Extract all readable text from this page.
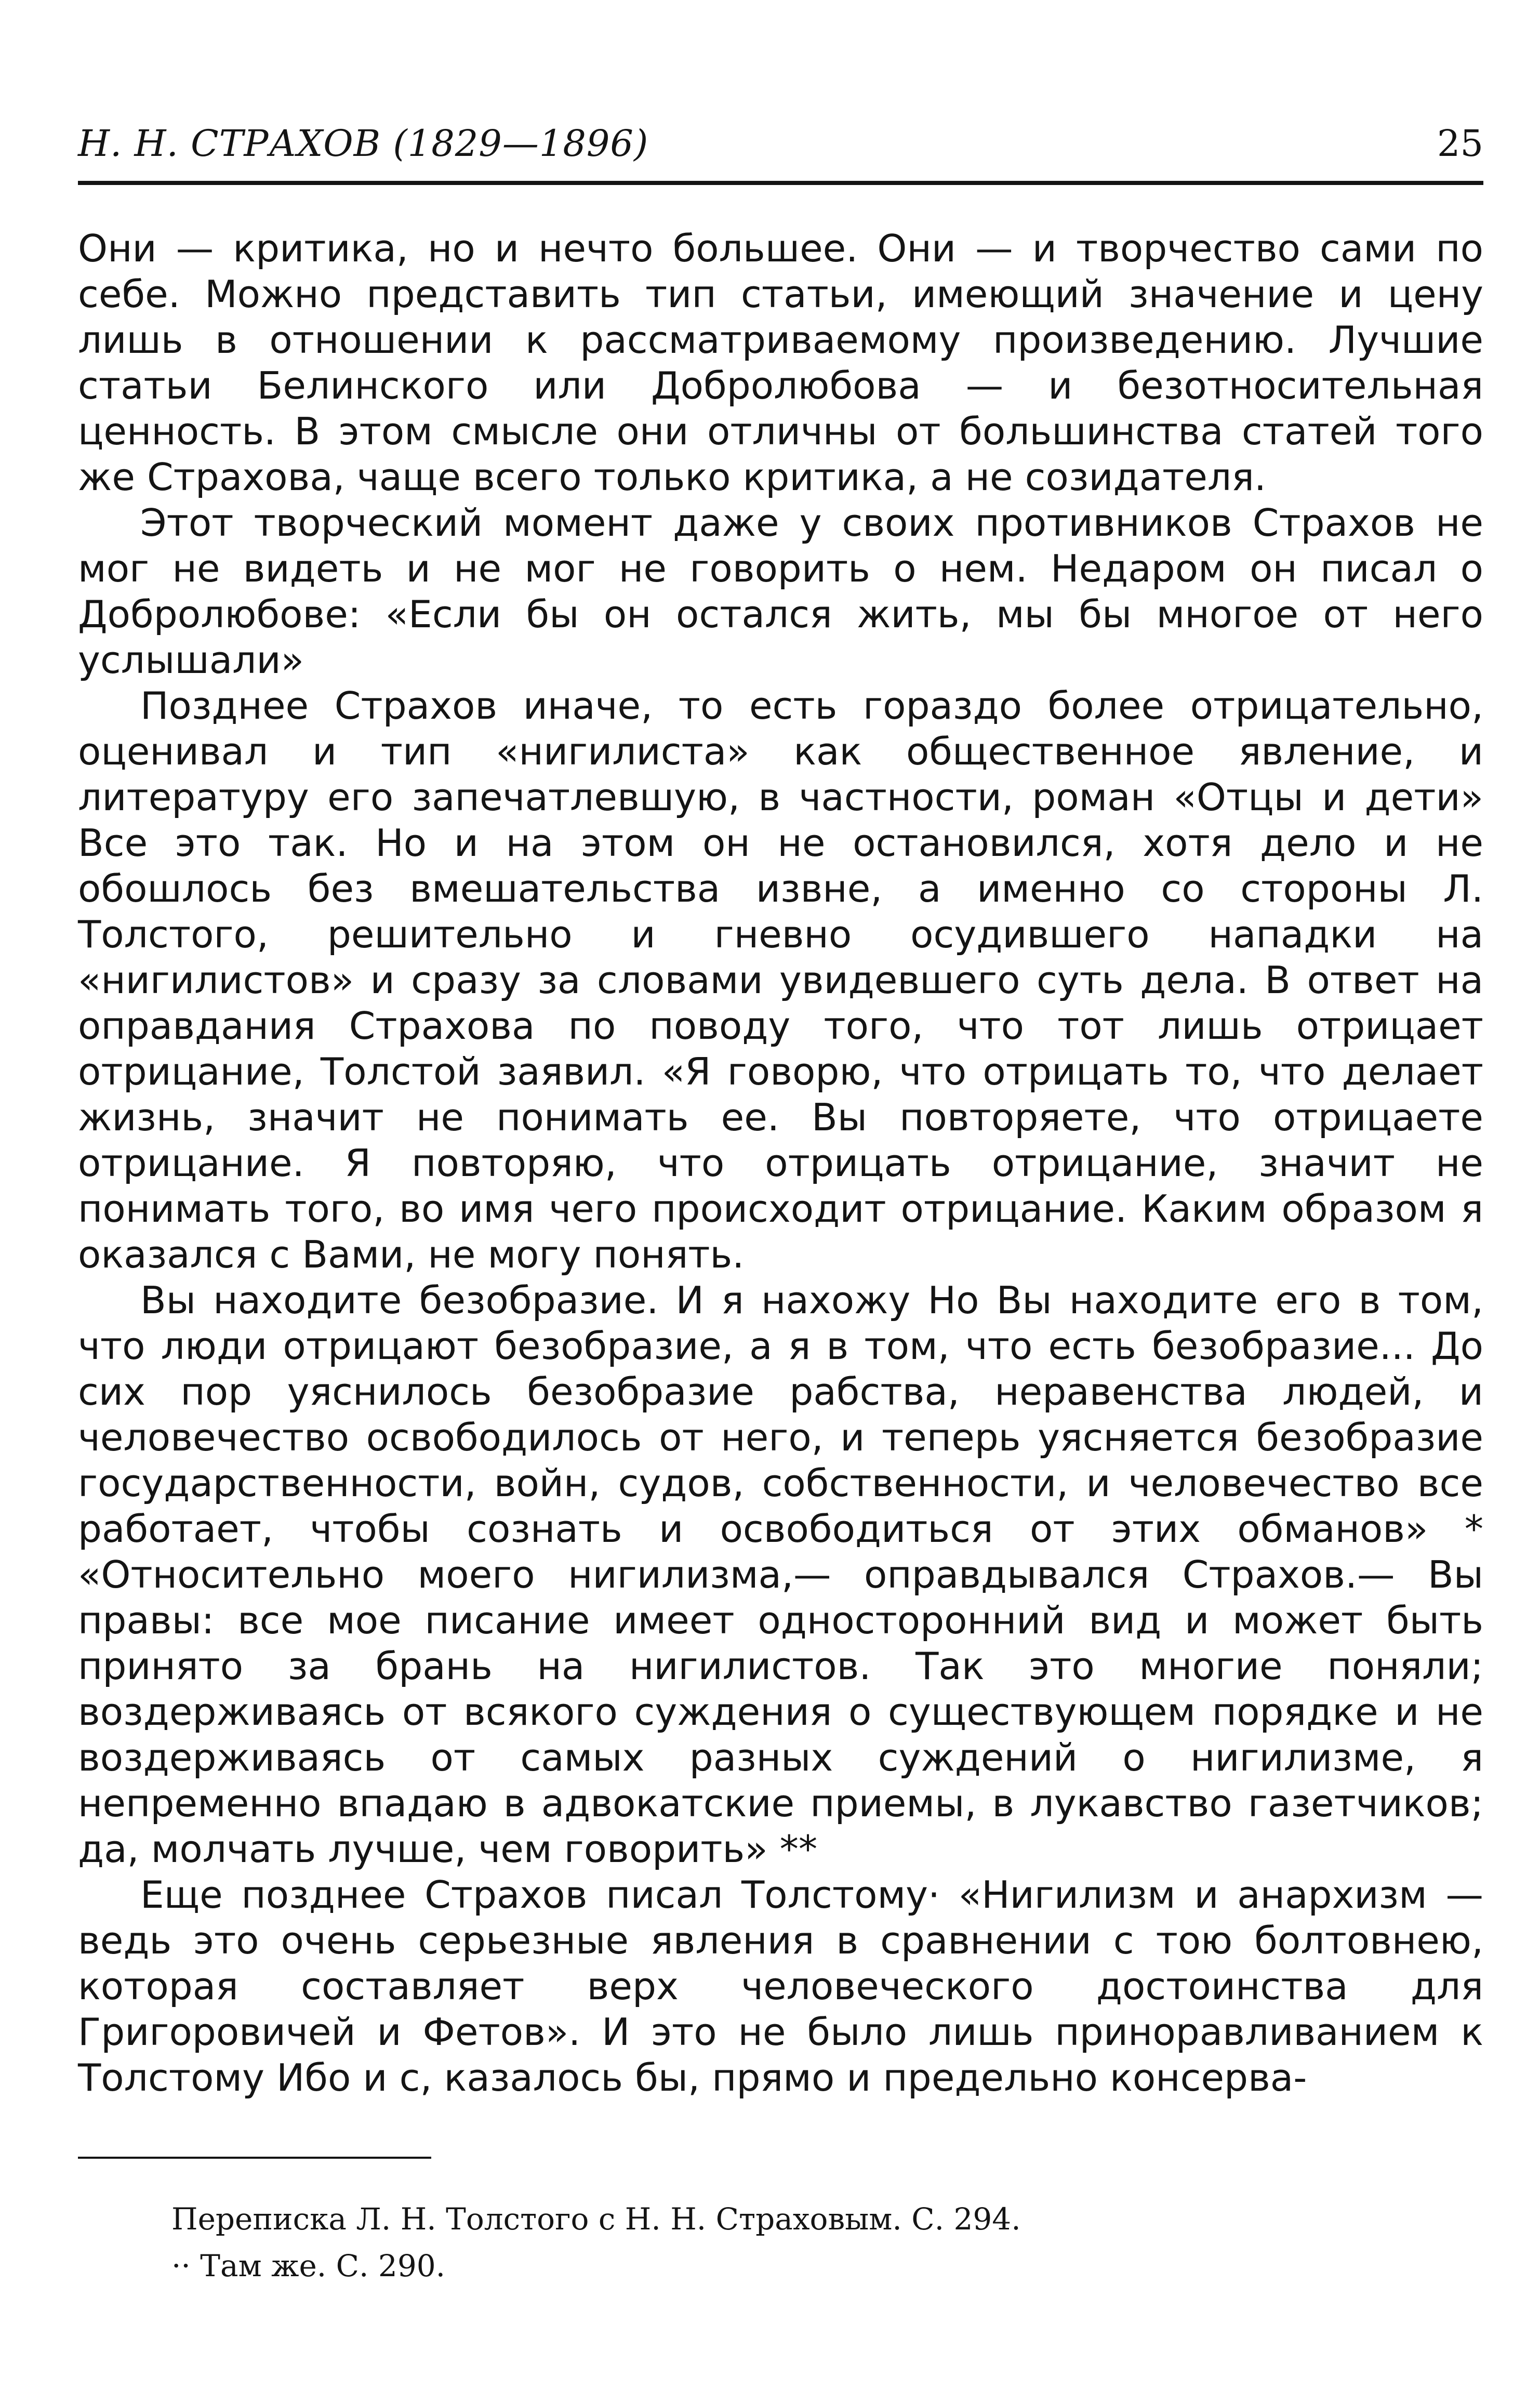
Н. Н. СТРАХОВ (1829—1896)	25

Они — критика, но и нечто большее. Они — и творчество сами по себе. Можно представить тип статьи, имеющий значение и цену лишь в отношении к рассматриваемому произведению. Лучшие статьи Белинского или Добролюбова — и безотносительная ценность. В этом смысле они отличны от большинства статей того же Страхова, чаще всего только критика, а не созидателя.

Этот творческий момент даже у своих противников Страхов не мог не видеть и не мог не говорить о нем. Недаром он писал о Добролюбове: «Если бы он остался жить, мы бы многое от него услышали»

Позднее Страхов иначе, то есть гораздо более отрицательно, оценивал и тип «нигилиста» как общественное явление, и литературу его запечатлевшую, в частности, роман «Отцы и дети» Все это так. Но и на этом он не остановился, хотя дело и не обошлось без вмешательства извне, а именно со стороны Л. Толстого, решительно и гневно осудившего нападки на «нигилистов» и сразу за словами увидевшего суть дела. В ответ на оправдания Страхова по поводу того, что тот лишь отрицает отрицание, Толстой заявил. «Я говорю, что отрицать то, что делает жизнь, значит не понимать ее. Вы повторяете, что отрицаете отрицание. Я повторяю, что отрицать отрицание, значит не понимать того, во имя чего происходит отрицание. Каким образом я оказался с Вами, не могу понять.

Вы находите безобразие. И я нахожу Но Вы находите его в том, что люди отрицают безобразие, а я в том, что есть безобразие... До сих пор уяснилось безобразие рабства, неравенства людей, и человечество освободилось от него, и теперь уясняется безобразие государственности, войн, судов, собственности, и человечество все работает, чтобы сознать и освободиться от этих обманов» * «Относительно моего нигилизма,— оправдывался Страхов.— Вы правы: все мое писание имеет односторонний вид и может быть принято за брань на нигилистов. Так это многие поняли; воздерживаясь от всякого суждения о существующем порядке и не воздерживаясь от самых разных суждений о нигилизме, я непременно впадаю в адвокатские приемы, в лукавство газетчиков; да, молчать лучше, чем говорить» **

Еще позднее Страхов писал Толстому· «Нигилизм и анархизм — ведь это очень серьезные явления в сравнении с тою болтовнею, которая составляет верх человеческого достоинства для Григоровичей и Фетов». И это не было лишь приноравливанием к Толстому Ибо и с, казалось бы, прямо и предельно консерва-

Переписка Л. Н. Толстого с Н. Н. Страховым. С. 294.

·· Там же. С. 290.
